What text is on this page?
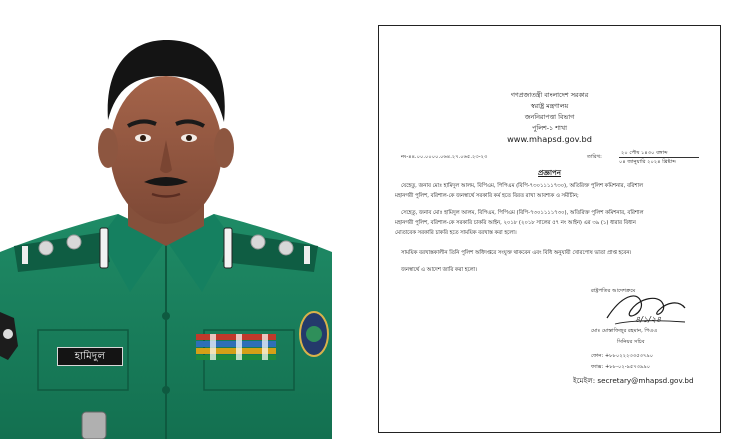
হামিদুল
গণপ্রজাতন্ত্রী বাংলাদেশ সরকার
স্বরাষ্ট্র মন্ত্রণালয়
জননিরাপত্তা বিভাগ
পুলিশ-১ শাখা
www.mhapsd.gov.bd
তারিখ:
২০ পৌষ ১৪৩০ বঙ্গাব্দ
০৪ জানুয়ারি ২০২৪ খ্রিষ্টাব্দ
নং-৪৪.০০.০০০০.০৬৪.২৭.০৬৫.২৩-২৩
প্রজ্ঞাপন
যেহেতু, জনাব মোঃ হামিদুল আলম, বিপিএম, পিপিএম (বিপি-৭৩০১১১১৭৩০), অতিরিক্ত পুলিশ কমিশনার, বরিশাল
মহানগরী পুলিশ, বরিশাল-কে জনস্বার্থে সরকারি কর্ম হতে বিরত রাখা আবশ্যক ও সমীচীন;
সেহেতু, জনাব মোঃ হামিদুল আলম, বিপিএম, পিপিএম (বিপি-৭৩০১১১১৭৩০), অতিরিক্ত পুলিশ কমিশনার, বরিশাল
মহানগরী পুলিশ, বরিশাল-কে সরকারি চাকরি আইন, ২০১৮ (২০১৮ সালের ৫৭ নং আইন) এর ৩৯ (১) ধারার বিধান
মোতাবেক সরকারি চাকরি হতে সাময়িক বরখাস্ত করা হলো।
সাময়িক বরখাস্তকালীন তিনি পুলিশ অধিদপ্তরে সংযুক্ত থাকবেন এবং বিধি অনুযায়ী খোরপোষ ভাতা প্রাপ্ত হবেন।
জনস্বার্থে এ আদেশ জারি করা হলো।
রাষ্ট্রপতির আদেশক্রমে
৪/১/২৪
মোঃ মোস্তাফিজুর রহমান, পিএএ
সিনিয়র সচিব
ফোন: +৮৮০২২২৩৩৫৩৭৯০
ফ্যাক্স: +৮৮-০২-৯৫৭৩৯৯০
ইমেইল: secretary@mhapsd.gov.bd
